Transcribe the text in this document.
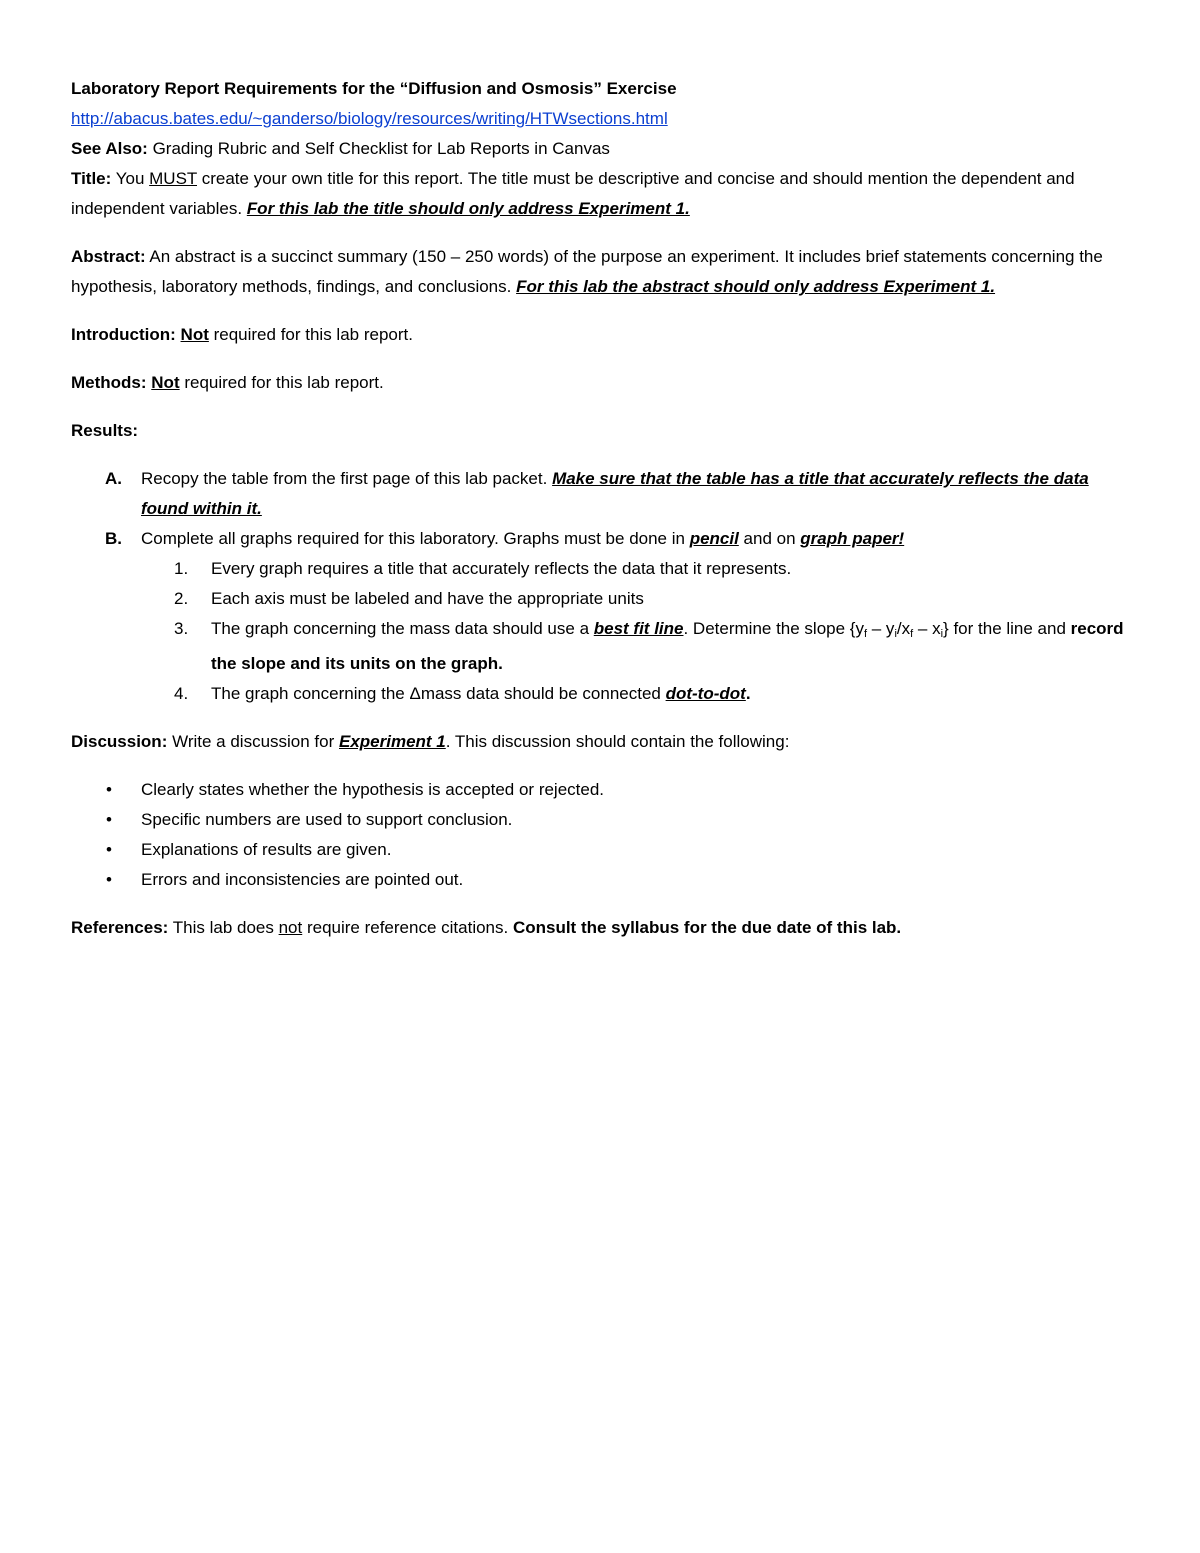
Laboratory Report Requirements for the “Diffusion and Osmosis” Exercise

http://abacus.bates.edu/~ganderso/biology/resources/writing/HTWsections.html

See Also: Grading Rubric and Self Checklist for Lab Reports in Canvas

Title: You MUST create your own title for this report. The title must be descriptive and concise and should mention the dependent and independent variables. For this lab the title should only address Experiment 1.

Abstract: An abstract is a succinct summary (150 – 250 words) of the purpose an experiment. It includes brief statements concerning the hypothesis, laboratory methods, findings, and conclusions. For this lab the abstract should only address Experiment 1.

Introduction: Not required for this lab report.

Methods: Not required for this lab report.

Results:

A. Recopy the table from the first page of this lab packet. Make sure that the table has a title that accurately reflects the data found within it.
B. Complete all graphs required for this laboratory. Graphs must be done in pencil and on graph paper!
1. Every graph requires a title that accurately reflects the data that it represents.
2. Each axis must be labeled and have the appropriate units
3. The graph concerning the mass data should use a best fit line. Determine the slope $\{y_f - y_i/x_f - x_i\}$ for the line and record the slope and its units on the graph.
4. The graph concerning the Δmass data should be connected dot-to-dot.

Discussion: Write a discussion for Experiment 1. This discussion should contain the following:

• Clearly states whether the hypothesis is accepted or rejected.
• Specific numbers are used to support conclusion.
• Explanations of results are given.
• Errors and inconsistencies are pointed out.

References: This lab does not require reference citations. Consult the syllabus for the due date of this lab.
